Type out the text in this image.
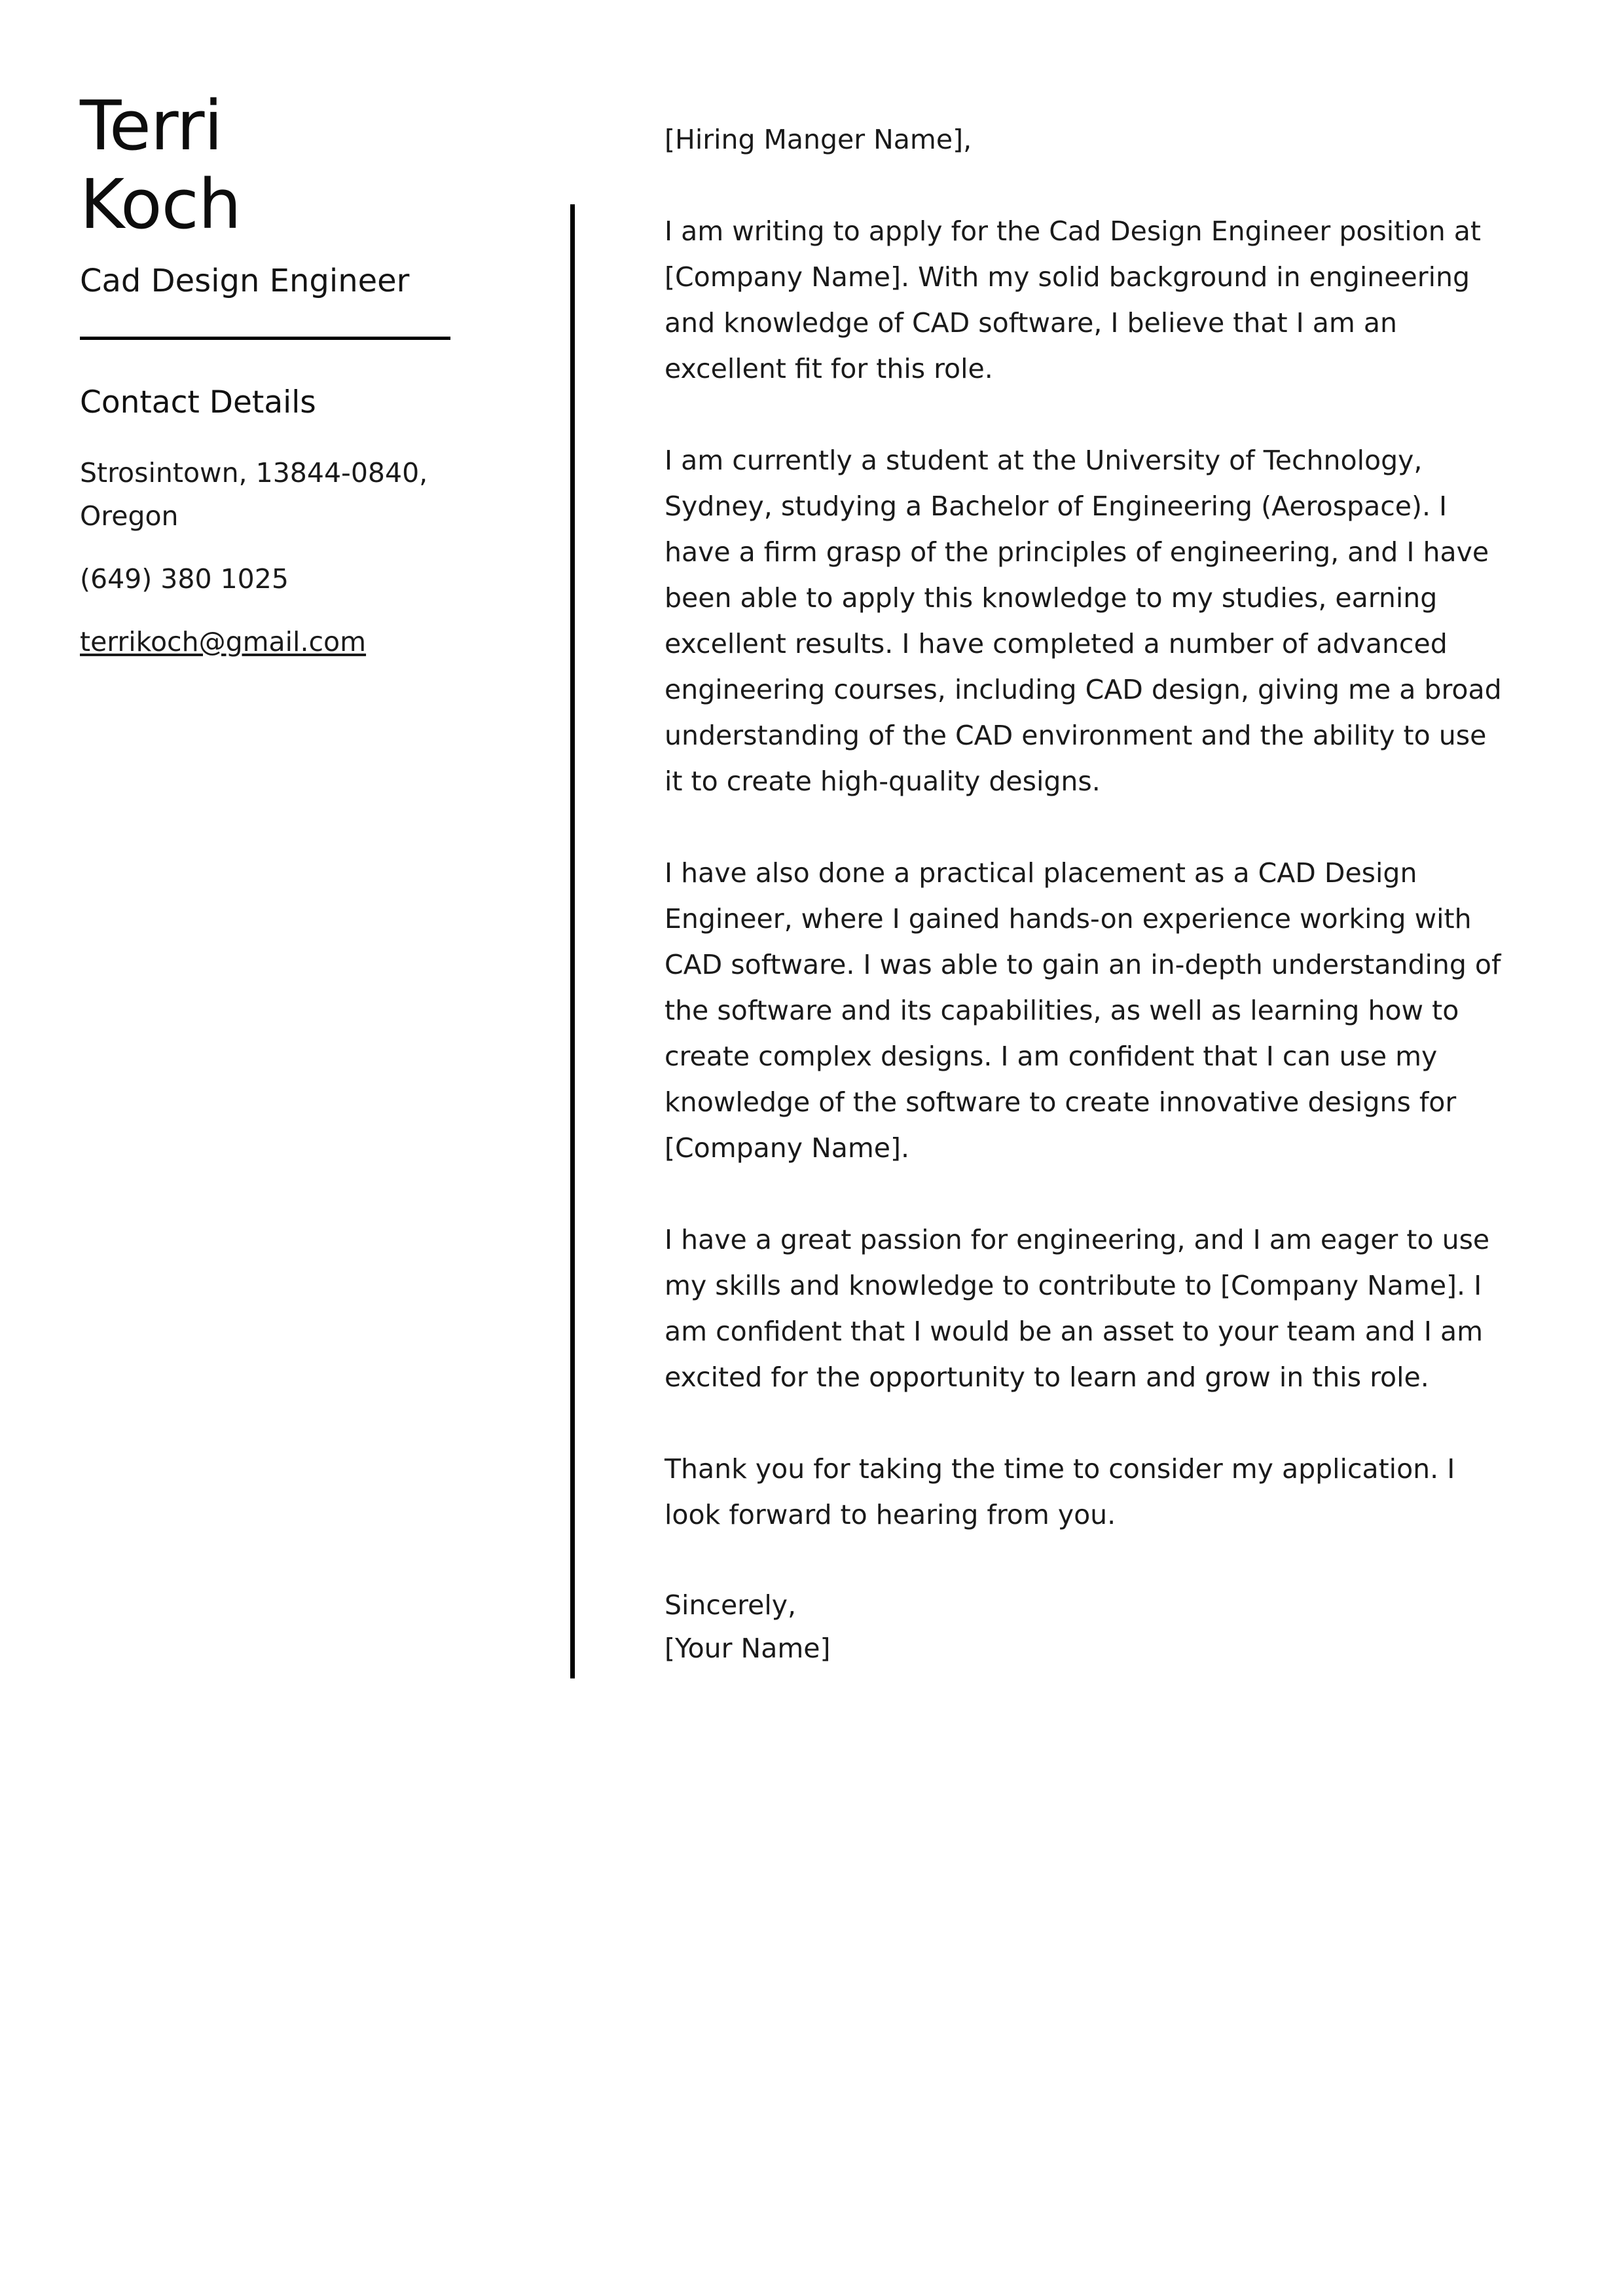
Terri
Koch
Cad Design Engineer
Contact Details
Strosintown, 13844-0840, Oregon
(649) 380 1025
terrikoch@gmail.com

[Hiring Manger Name],

I am writing to apply for the Cad Design Engineer position at [Company Name]. With my solid background in engineering and knowledge of CAD software, I believe that I am an excellent fit for this role.

I am currently a student at the University of Technology, Sydney, studying a Bachelor of Engineering (Aerospace). I have a firm grasp of the principles of engineering, and I have been able to apply this knowledge to my studies, earning excellent results. I have completed a number of advanced engineering courses, including CAD design, giving me a broad understanding of the CAD environment and the ability to use it to create high-quality designs.

I have also done a practical placement as a CAD Design Engineer, where I gained hands-on experience working with CAD software. I was able to gain an in-depth understanding of the software and its capabilities, as well as learning how to create complex designs. I am confident that I can use my knowledge of the software to create innovative designs for [Company Name].

I have a great passion for engineering, and I am eager to use my skills and knowledge to contribute to [Company Name]. I am confident that I would be an asset to your team and I am excited for the opportunity to learn and grow in this role.

Thank you for taking the time to consider my application. I look forward to hearing from you.

Sincerely,

[Your Name]
